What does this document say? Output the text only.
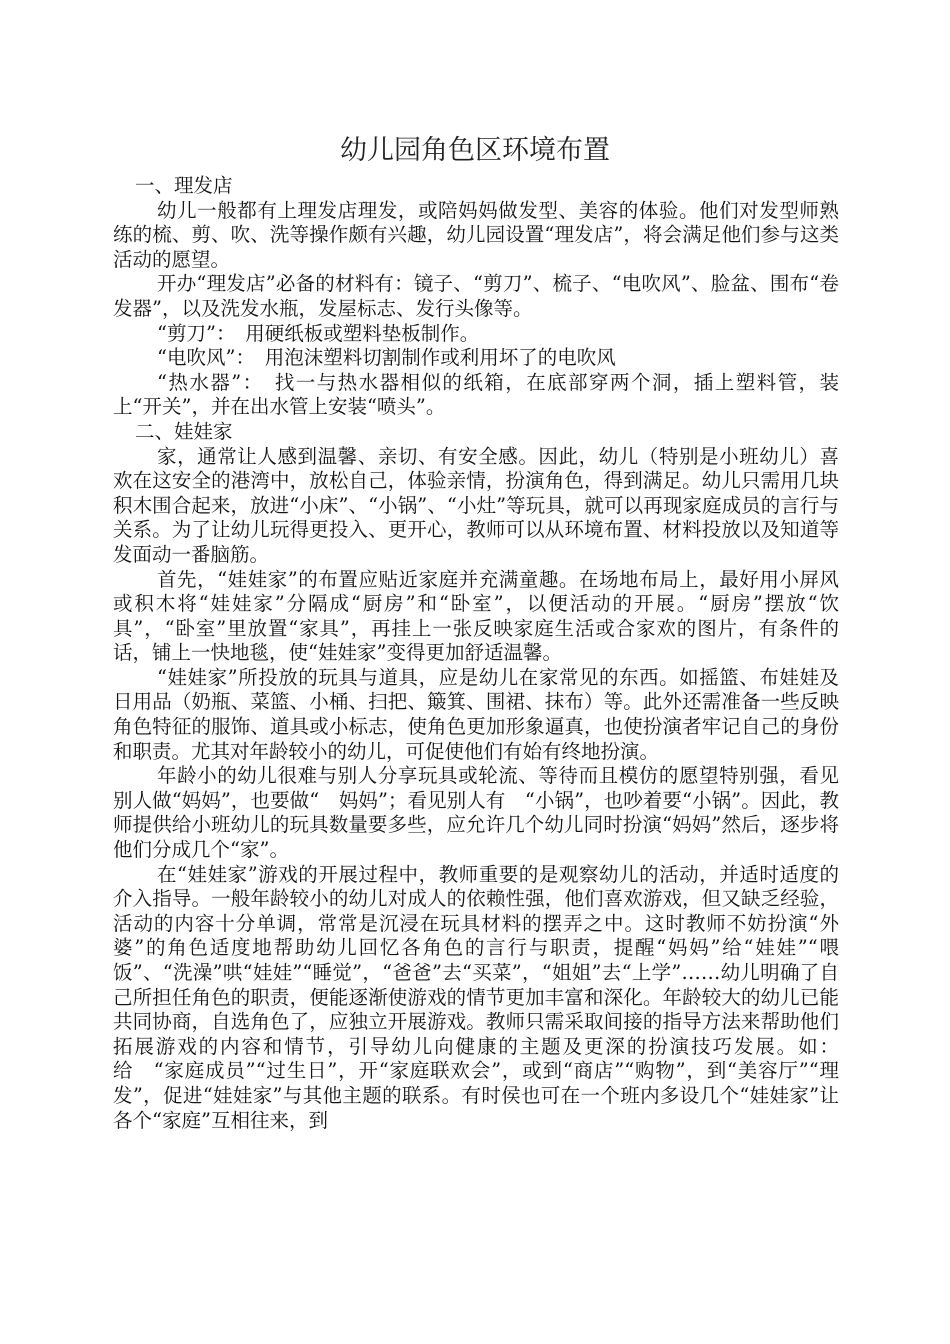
幼儿园角色区环境布置

一、理发店

幼儿一般都有上理发店理发，或陪妈妈做发型、美容的体验。他们对发型师熟练的梳、剪、吹、洗等操作颇有兴趣，幼儿园设置“理发店”，将会满足他们参与这类活动的愿望。

开办“理发店”必备的材料有：镜子、“剪刀”、梳子、“电吹风”、脸盆、围布“卷发器”，以及洗发水瓶，发屋标志、发行头像等。

“剪刀”：　用硬纸板或塑料垫板制作。

“电吹风”：　用泡沫塑料切割制作或利用坏了的电吹风

“热水器”：　找一与热水器相似的纸箱，在底部穿两个洞，插上塑料管，装上“开关”，并在出水管上安装“喷头”。

二、娃娃家

家，通常让人感到温馨、亲切、有安全感。因此，幼儿（特别是小班幼儿）喜欢在这安全的港湾中，放松自己，体验亲情，扮演角色，得到满足。幼儿只需用几块积木围合起来，放进“小床”、“小锅”、“小灶”等玩具，就可以再现家庭成员的言行与关系。为了让幼儿玩得更投入、更开心，教师可以从环境布置、材料投放以及知道等发面动一番脑筋。

首先，“娃娃家”的布置应贴近家庭并充满童趣。在场地布局上，最好用小屏风或积木将“娃娃家”分隔成“厨房”和“卧室”，以便活动的开展。“厨房”摆放“饮具”，“卧室”里放置“家具”，再挂上一张反映家庭生活或合家欢的图片，有条件的话，铺上一快地毯，使“娃娃家”变得更加舒适温馨。

“娃娃家”所投放的玩具与道具，应是幼儿在家常见的东西。如摇篮、布娃娃及日用品（奶瓶、菜篮、小桶、扫把、簸箕、围裙、抹布）等。此外还需准备一些反映角色特征的服饰、道具或小标志，使角色更加形象逼真，也使扮演者牢记自己的身份和职责。尤其对年龄较小的幼儿，可促使他们有始有终地扮演。

年龄小的幼儿很难与别人分享玩具或轮流、等待而且模仿的愿望特别强，看见别人做“妈妈”，也要做“　妈妈”；看见别人有　“小锅”，也吵着要“小锅”。因此，教师提供给小班幼儿的玩具数量要多些，应允许几个幼儿同时扮演“妈妈”然后，逐步将他们分成几个“家”。

在“娃娃家”游戏的开展过程中，教师重要的是观察幼儿的活动，并适时适度的介入指导。一般年龄较小的幼儿对成人的依赖性强，他们喜欢游戏，但又缺乏经验，活动的内容十分单调，常常是沉浸在玩具材料的摆弄之中。这时教师不妨扮演“外婆”的角色适度地帮助幼儿回忆各角色的言行与职责，提醒“妈妈”给“娃娃”“喂饭”、“洗澡”哄“娃娃”“睡觉”，“爸爸”去“买菜”，“姐姐”去“上学”……幼儿明确了自己所担任角色的职责，便能逐渐使游戏的情节更加丰富和深化。年龄较大的幼儿已能共同协商，自选角色了，应独立开展游戏。教师只需采取间接的指导方法来帮助他们拓展游戏的内容和情节，引导幼儿向健康的主题及更深的扮演技巧发展。如：给　“家庭成员”“过生日”，开“家庭联欢会”，或到“商店”“购物”，到“美容厅”“理发”，促进“娃娃家”与其他主题的联系。有时侯也可在一个班内多设几个“娃娃家”让各个“家庭”互相往来，到
